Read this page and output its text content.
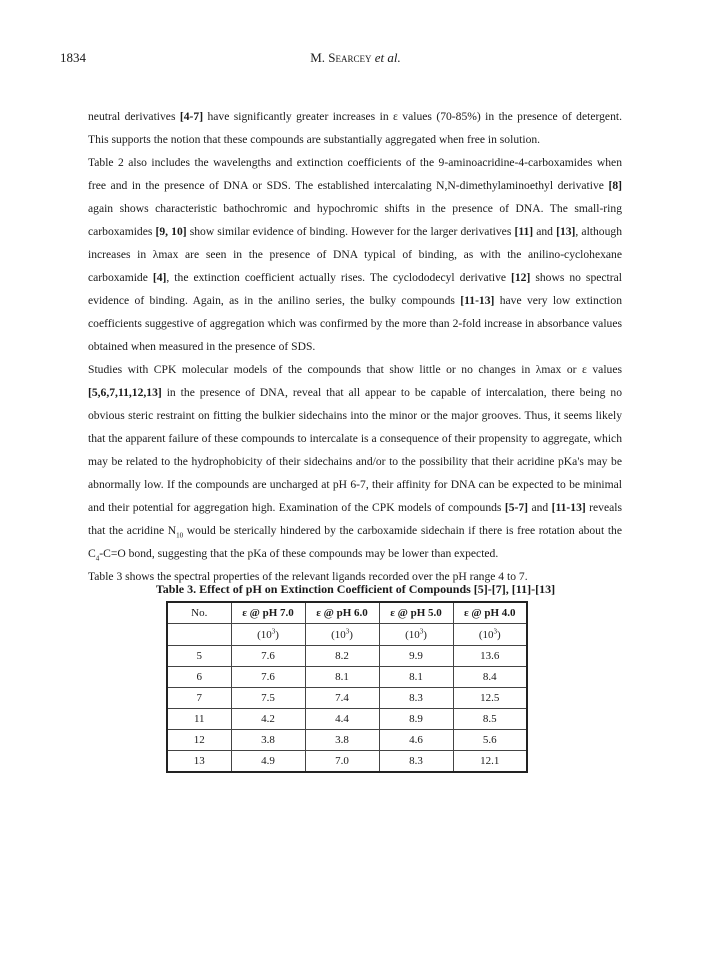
1834	M. Searcey et al.

neutral derivatives [4-7] have significantly greater increases in ε values (70-85%) in the presence of detergent. This supports the notion that these compounds are substantially aggregated when free in solution.

Table 2 also includes the wavelengths and extinction coefficients of the 9-aminoacridine-4-carboxamides when free and in the presence of DNA or SDS. The established intercalating N,N-dimethylaminoethyl derivative [8] again shows characteristic bathochromic and hypochromic shifts in the presence of DNA. The small-ring carboxamides [9, 10] show similar evidence of binding. However for the larger derivatives [11] and [13], although increases in λmax are seen in the presence of DNA typical of binding, as with the anilino-cyclohexane carboxamide [4], the extinction coefficient actually rises. The cyclododecyl derivative [12] shows no spectral evidence of binding. Again, as in the anilino series, the bulky compounds [11-13] have very low extinction coefficients suggestive of aggregation which was confirmed by the more than 2-fold increase in absorbance values obtained when measured in the presence of SDS.

Studies with CPK molecular models of the compounds that show little or no changes in λmax or ε values [5,6,7,11,12,13] in the presence of DNA, reveal that all appear to be capable of intercalation, there being no obvious steric restraint on fitting the bulkier sidechains into the minor or the major grooves. Thus, it seems likely that the apparent failure of these compounds to intercalate is a consequence of their propensity to aggregate, which may be related to the hydrophobicity of their sidechains and/or to the possibility that their acridine pKa's may be abnormally low. If the compounds are uncharged at pH 6-7, their affinity for DNA can be expected to be minimal and their potential for aggregation high. Examination of the CPK models of compounds [5-7] and [11-13] reveals that the acridine $N_{10}$ would be sterically hindered by the carboxamide sidechain if there is free rotation about the $C_4-C=O$ bond, suggesting that the pKa of these compounds may be lower than expected.

Table 3 shows the spectral properties of the relevant ligands recorded over the pH range 4 to 7.

Table 3. Effect of pH on Extinction Coefficient of Compounds [5]-[7], [11]-[13]
No.	ε @ pH 7.0	ε @ pH 6.0	ε @ pH 5.0	ε @ pH 4.0
	$(10^3)$	$(10^3)$	$(10^3)$	$(10^3)$
5	7.6	8.2	9.9	13.6
6	7.6	8.1	8.1	8.4
7	7.5	7.4	8.3	12.5
11	4.2	4.4	8.9	8.5
12	3.8	3.8	4.6	5.6
13	4.9	7.0	8.3	12.1
